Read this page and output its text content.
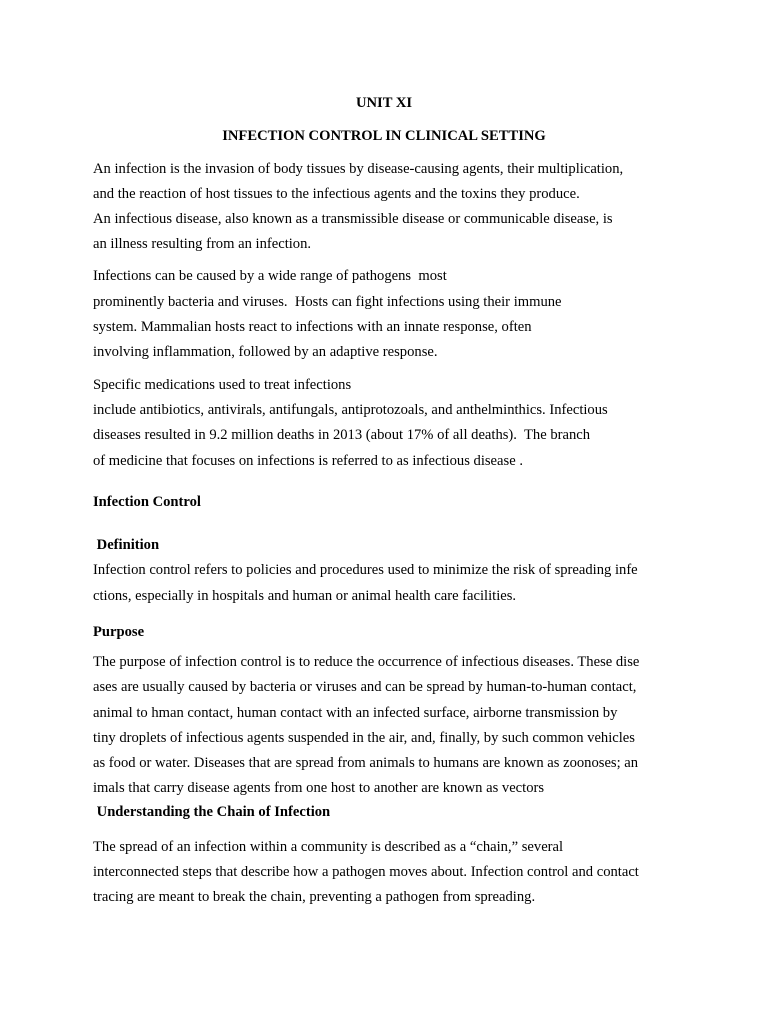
UNIT XI
INFECTION CONTROL IN CLINICAL SETTING
An infection is the invasion of body tissues by disease-causing agents, their multiplication,
and the reaction of host tissues to the infectious agents and the toxins they produce.
An infectious disease, also known as a transmissible disease or communicable disease, is
an illness resulting from an infection.
Infections can be caused by a wide range of pathogens  most
prominently bacteria and viruses.  Hosts can fight infections using their immune
system. Mammalian hosts react to infections with an innate response, often
involving inflammation, followed by an adaptive response.
Specific medications used to treat infections
include antibiotics, antivirals, antifungals, antiprotozoals, and anthelminthics. Infectious
diseases resulted in 9.2 million deaths in 2013 (about 17% of all deaths).  The branch
of medicine that focuses on infections is referred to as infectious disease .
Infection Control
Definition
Infection control refers to policies and procedures used to minimize the risk of spreading infe
ctions, especially in hospitals and human or animal health care facilities.
Purpose
The purpose of infection control is to reduce the occurrence of infectious diseases. These dise
ases are usually caused by bacteria or viruses and can be spread by human-to-human contact,
animal to hman contact, human contact with an infected surface, airborne transmission by
tiny droplets of infectious agents suspended in the air, and, finally, by such common vehicles
as food or water. Diseases that are spread from animals to humans are known as zoonoses; an
imals that carry disease agents from one host to another are known as vectors
Understanding the Chain of Infection
The spread of an infection within a community is described as a “chain,” several
interconnected steps that describe how a pathogen moves about. Infection control and contact
tracing are meant to break the chain, preventing a pathogen from spreading.
